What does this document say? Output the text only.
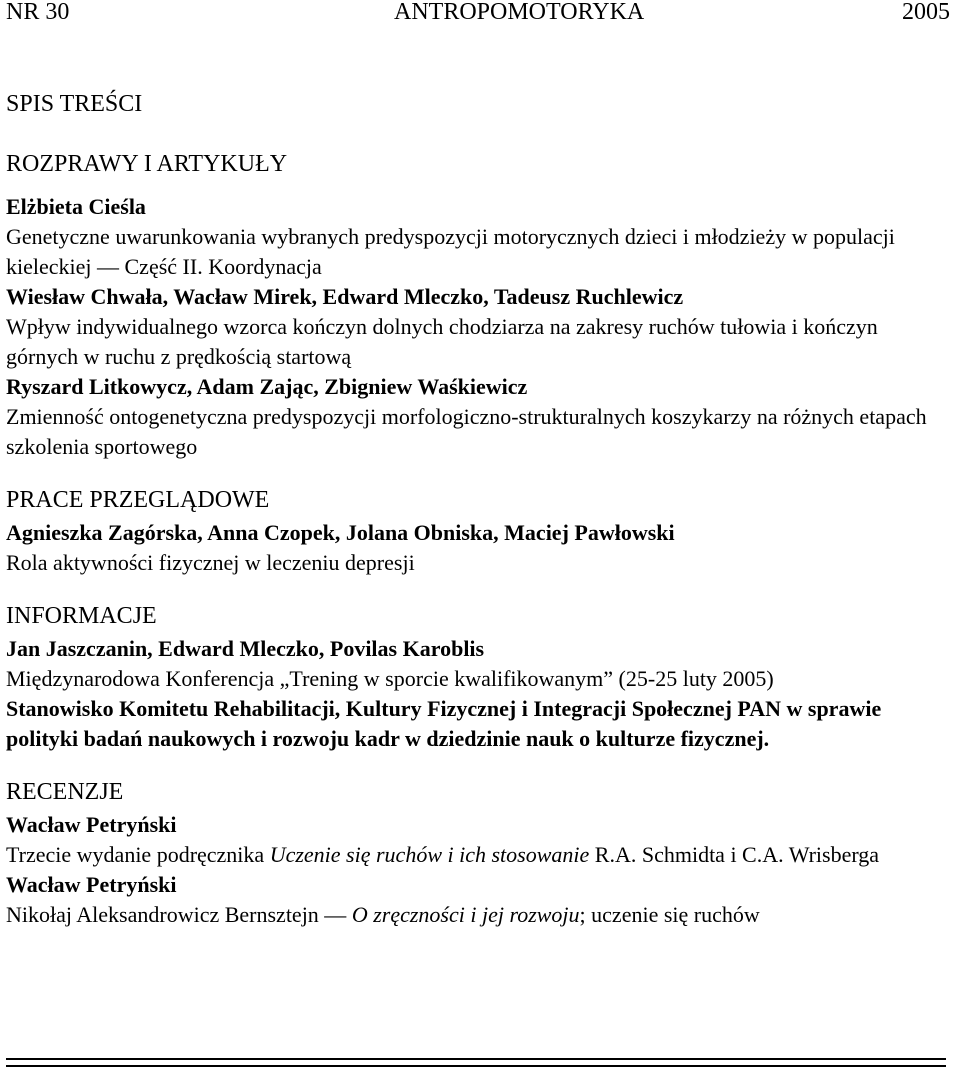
NR 30	ANTROPOMOTORYKA	2005
SPIS TREŚCI
ROZPRAWY I ARTYKUŁY
Elżbieta Cieśla
Genetyczne uwarunkowania wybranych predyspozycji motorycznych dzieci i młodzieży w populacji kieleckiej — Część II. Koordynacja
Wiesław Chwała, Wacław Mirek, Edward Mleczko, Tadeusz Ruchlewicz
Wpływ indywidualnego wzorca kończyn dolnych chodziarza na zakresy ruchów tułowia i kończyn górnych w ruchu z prędkością startową
Ryszard Litkowycz, Adam Zając, Zbigniew Waśkiewicz
Zmienność ontogenetyczna predyspozycji morfologiczno-strukturalnych koszykarzy na różnych etapach szkolenia sportowego
PRACE PRZEGLĄDOWE
Agnieszka Zagórska, Anna Czopek, Jolana Obniska, Maciej Pawłowski
Rola aktywności fizycznej w leczeniu depresji
INFORMACJE
Jan Jaszczanin, Edward Mleczko, Povilas Karoblis
Międzynarodowa Konferencja „Trening w sporcie kwalifikowanym” (25-25 luty 2005)
Stanowisko Komitetu Rehabilitacji, Kultury Fizycznej i Integracji Społecznej PAN w sprawie polityki badań naukowych i rozwoju kadr w dziedzinie nauk o kulturze fizycznej.
RECENZJE
Wacław Petryński
Trzecie wydanie podręcznika Uczenie się ruchów i ich stosowanie R.A. Schmidta i C.A. Wrisberga
Wacław Petryński
Nikołaj Aleksandrowicz Bernsztejn — O zręczności i jej rozwoju; uczenie się ruchów
